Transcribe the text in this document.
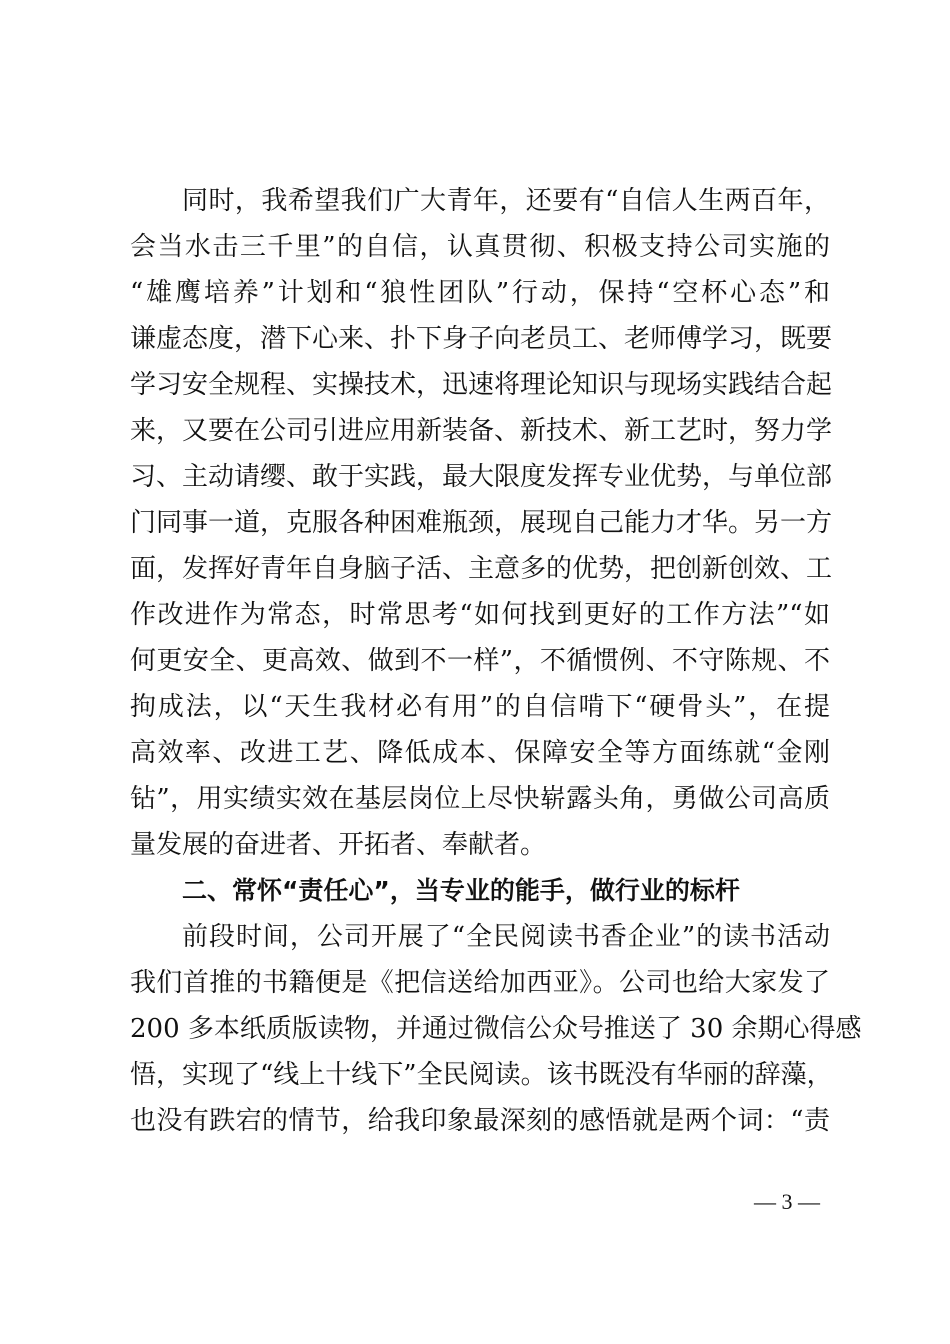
同时，我希望我们广大青年，还要有“自信人生两百年，
会当水击三千里”的自信，认真贯彻、积极支持公司实施的
“雄鹰培养”计划和“狼性团队”行动，保持“空杯心态”和
谦虚态度，潜下心来、扑下身子向老员工、老师傅学习，既要
学习安全规程、实操技术，迅速将理论知识与现场实践结合起
来，又要在公司引进应用新装备、新技术、新工艺时，努力学
习、主动请缨、敢于实践，最大限度发挥专业优势，与单位部
门同事一道，克服各种困难瓶颈，展现自己能力才华。另一方
面，发挥好青年自身脑子活、主意多的优势，把创新创效、工
作改进作为常态，时常思考“如何找到更好的工作方法”“如
何更安全、更高效、做到不一样”，不循惯例、不守陈规、不
拘成法，以“天生我材必有用”的自信啃下“硬骨头”，在提
高效率、改进工艺、降低成本、保障安全等方面练就“金刚
钻”，用实绩实效在基层岗位上尽快崭露头角，勇做公司高质
量发展的奋进者、开拓者、奉献者。
二、常怀“责任心”，当专业的能手，做行业的标杆
前段时间，公司开展了“全民阅读书香企业”的读书活动
我们首推的书籍便是《把信送给加西亚》。公司也给大家发了
200 多本纸质版读物，并通过微信公众号推送了 30 余期心得感
悟，实现了“线上十线下”全民阅读。该书既没有华丽的辞藻，
也没有跌宕的情节，给我印象最深刻的感悟就是两个词：“责
— 3 —
